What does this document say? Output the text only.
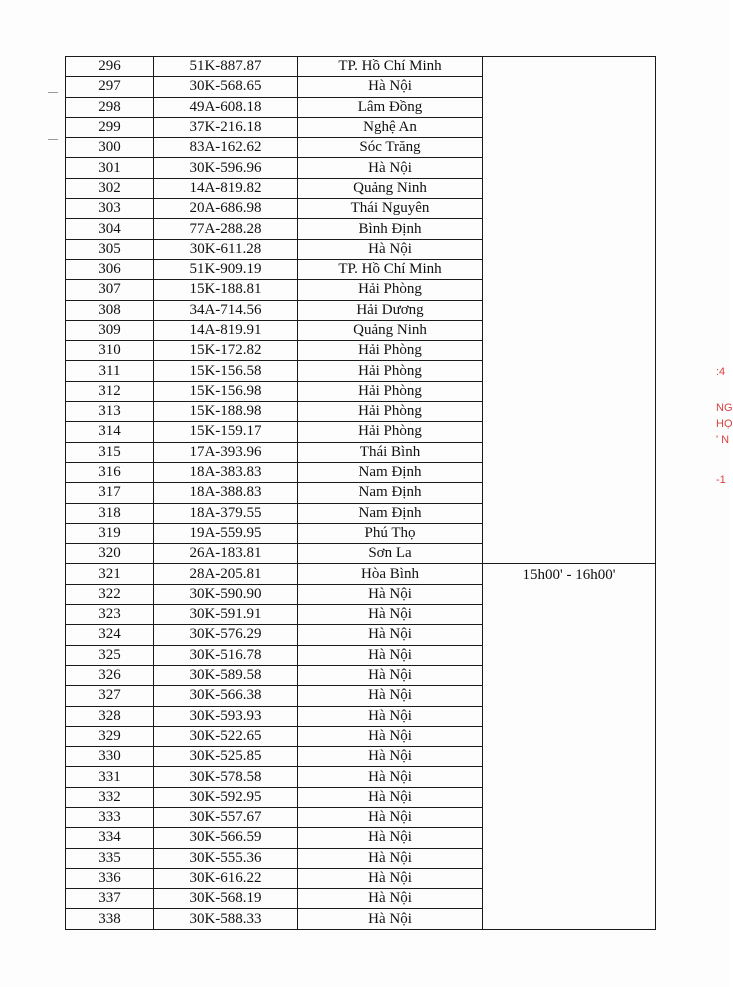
296	51K-887.87	TP. Hồ Chí Minh	

297	30K-568.65	Hà Nội	
298	49A-608.18	Lâm Đồng	
299	37K-216.18	Nghệ An	
300	83A-162.62	Sóc Trăng	
301	30K-596.96	Hà Nội	
302	14A-819.82	Quảng Ninh	
303	20A-686.98	Thái Nguyên	
304	77A-288.28	Bình Định	
305	30K-611.28	Hà Nội	
306	51K-909.19	TP. Hồ Chí Minh	
307	15K-188.81	Hải Phòng	
308	34A-714.56	Hải Dương	
309	14A-819.91	Quảng Ninh	
310	15K-172.82	Hải Phòng	
311	15K-156.58	Hải Phòng	
312	15K-156.98	Hải Phòng	
313	15K-188.98	Hải Phòng	
314	15K-159.17	Hải Phòng	
315	17A-393.96	Thái Bình	
316	18A-383.83	Nam Định	
317	18A-388.83	Nam Định	
318	18A-379.55	Nam Định	
319	19A-559.95	Phú Thọ	
320	26A-183.81	Sơn La	
321	28A-205.81	Hòa Bình	15h00' - 16h00'

322	30K-590.90	Hà Nội	
323	30K-591.91	Hà Nội	
324	30K-576.29	Hà Nội	
325	30K-516.78	Hà Nội	
326	30K-589.58	Hà Nội	
327	30K-566.38	Hà Nội	
328	30K-593.93	Hà Nội	
329	30K-522.65	Hà Nội	
330	30K-525.85	Hà Nội	
331	30K-578.58	Hà Nội	
332	30K-592.95	Hà Nội	
333	30K-557.67	Hà Nội	
334	30K-566.59	Hà Nội	
335	30K-555.36	Hà Nội	
336	30K-616.22	Hà Nội	
337	30K-568.19	Hà Nội	
338	30K-588.33	Hà Nội	
:4
NG
HỌ
' N
-1
